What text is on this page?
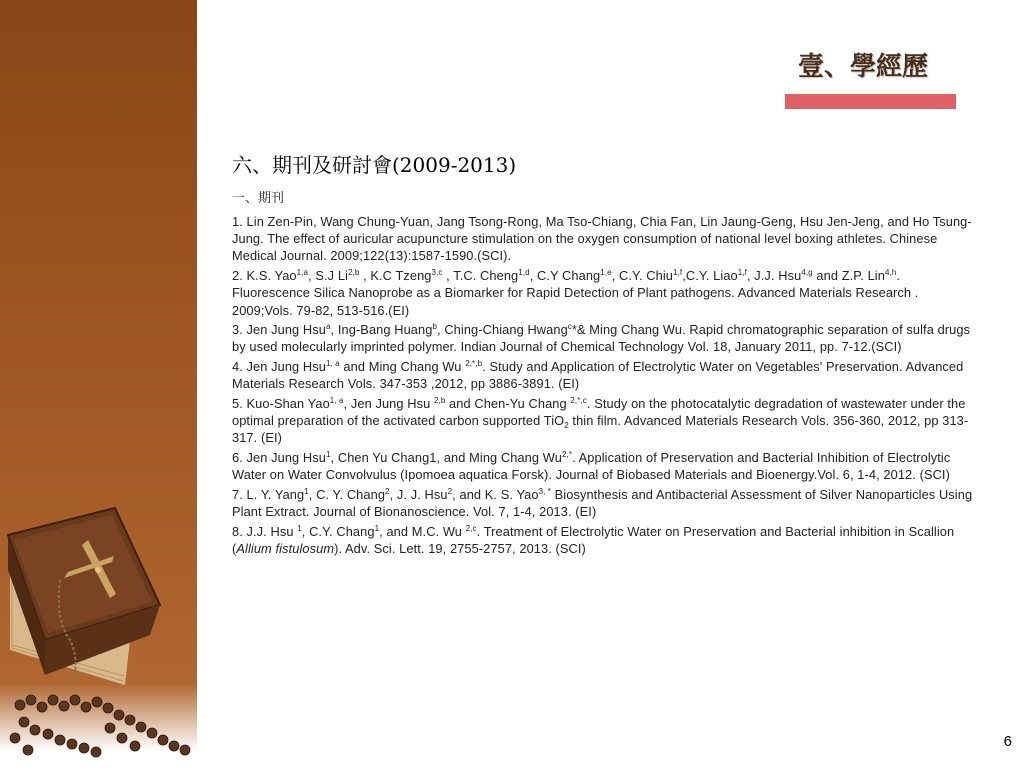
壹、學經歷
六、期刊及研討會(2009-2013)
一、期刊
1. Lin Zen-Pin, Wang Chung-Yuan, Jang Tsong-Rong, Ma Tso-Chiang, Chia Fan, Lin Jaung-Geng, Hsu Jen-Jeng, and Ho Tsung-Jung. The effect of auricular acupuncture stimulation on the oxygen consumption of national level boxing athletes. Chinese Medical Journal. 2009;122(13):1587-1590.(SCI).
2. K.S. Yao$^{1,a}$, S.J Li$^{2,b}$ , K.C Tzeng$^{3,c}$ , T.C. Cheng$^{1,d}$, C.Y Chang$^{1,e}$, C.Y. Chiu$^{1,f}$,C.Y. Liao$^{1,f}$, J.J. Hsu$^{4,g}$ and Z.P. Lin$^{4,h}$. Fluorescence Silica Nanoprobe as a Biomarker for Rapid Detection of Plant pathogens. Advanced Materials Research . 2009;Vols. 79-82, 513-516.(EI)
3. Jen Jung Hsu$^a$, Ing-Bang Huang$^b$, Ching-Chiang Hwang$^c$*& Ming Chang Wu. Rapid chromatographic separation of sulfa drugs by used molecularly imprinted polymer. Indian Journal of Chemical Technology Vol. 18, January 2011, pp. 7-12.(SCI)
4. Jen Jung Hsu$^{1, a}$ and Ming Chang Wu $^{2,*,b}$. Study and Application of Electrolytic Water on Vegetables' Preservation. Advanced Materials Research Vols. 347-353 ,2012, pp 3886-3891. (EI)
5. Kuo-Shan Yao$^{1, a}$, Jen Jung Hsu $^{2,b}$ and Chen-Yu Chang $^{2,*,c}$. Study on the photocatalytic degradation of wastewater under the optimal preparation of the activated carbon supported TiO$_2$ thin film. Advanced Materials Research Vols. 356-360, 2012, pp 313-317. (EI)
6. Jen Jung Hsu$^1$, Chen Yu Chang1, and Ming Chang $Wu^{2,*}$. Application of Preservation and Bacterial Inhibition of Electrolytic Water on Water Convolvulus (Ipomoea aquatica Forsk). Journal of Biobased Materials and Bioenergy.Vol. 6, 1-4, 2012. (SCI)
7. L. Y. Yang$^1$, C. Y. Chang$^2$, J. J. Hsu$^2$, and K. S. Yao$^{3, *}$ Biosynthesis and Antibacterial Assessment of Silver Nanoparticles Using Plant Extract. Journal of Bionanoscience. Vol. 7, 1-4, 2013. (EI)
8. J.J. Hsu $^1$, C.Y. Chang$^1$, and M.C. Wu $^{2,c}$. Treatment of Electrolytic Water on Preservation and Bacterial inhibition in Scallion (Allium fistulosum). Adv. Sci. Lett. 19, 2755-2757, 2013. (SCI)
6
